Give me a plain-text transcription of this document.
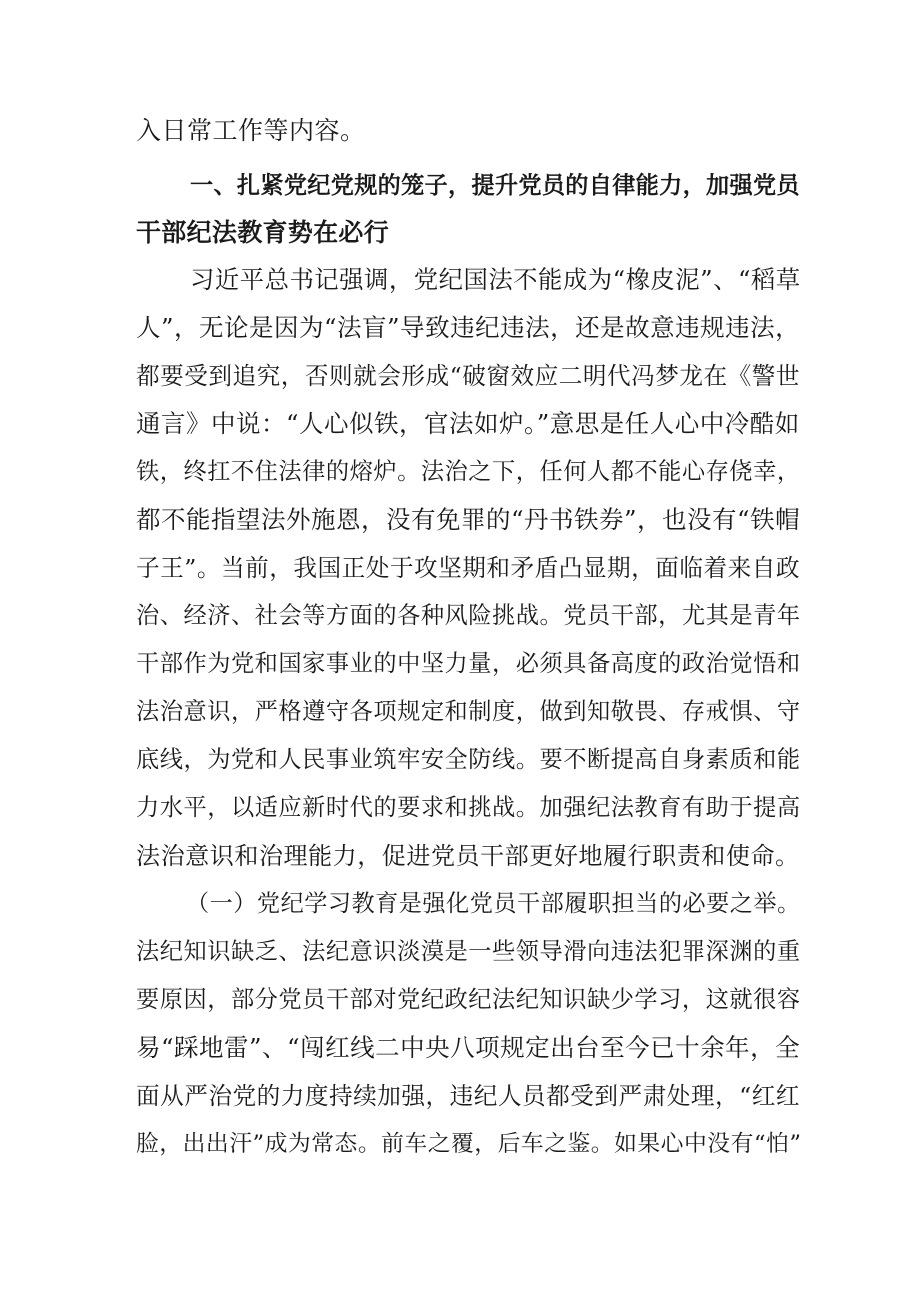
入日常工作等内容。
一、扎紧党纪党规的笼子，提升党员的自律能力，加强党员
干部纪法教育势在必行
习近平总书记强调，党纪国法不能成为“橡皮泥”、“稻草
人”，无论是因为“法盲”导致违纪违法，还是故意违规违法，
都要受到追究，否则就会形成“破窗效应二明代冯梦龙在《警世
通言》中说：“人心似铁，官法如炉。”意思是任人心中冷酷如
铁，终扛不住法律的熔炉。法治之下，任何人都不能心存侥幸，
都不能指望法外施恩，没有免罪的“丹书铁券”，也没有“铁帽
子王”。当前，我国正处于攻坚期和矛盾凸显期，面临着来自政
治、经济、社会等方面的各种风险挑战。党员干部，尤其是青年
干部作为党和国家事业的中坚力量，必须具备高度的政治觉悟和
法治意识，严格遵守各项规定和制度，做到知敬畏、存戒惧、守
底线，为党和人民事业筑牢安全防线。要不断提高自身素质和能
力水平，以适应新时代的要求和挑战。加强纪法教育有助于提高
法治意识和治理能力，促进党员干部更好地履行职责和使命。
（一）党纪学习教育是强化党员干部履职担当的必要之举。
法纪知识缺乏、法纪意识淡漠是一些领导滑向违法犯罪深渊的重
要原因，部分党员干部对党纪政纪法纪知识缺少学习，这就很容
易“踩地雷”、“闯红线二中央八项规定出台至今已十余年，全
面从严治党的力度持续加强，违纪人员都受到严肃处理，“红红
脸，出出汗”成为常态。前车之覆，后车之鉴。如果心中没有“怕”
